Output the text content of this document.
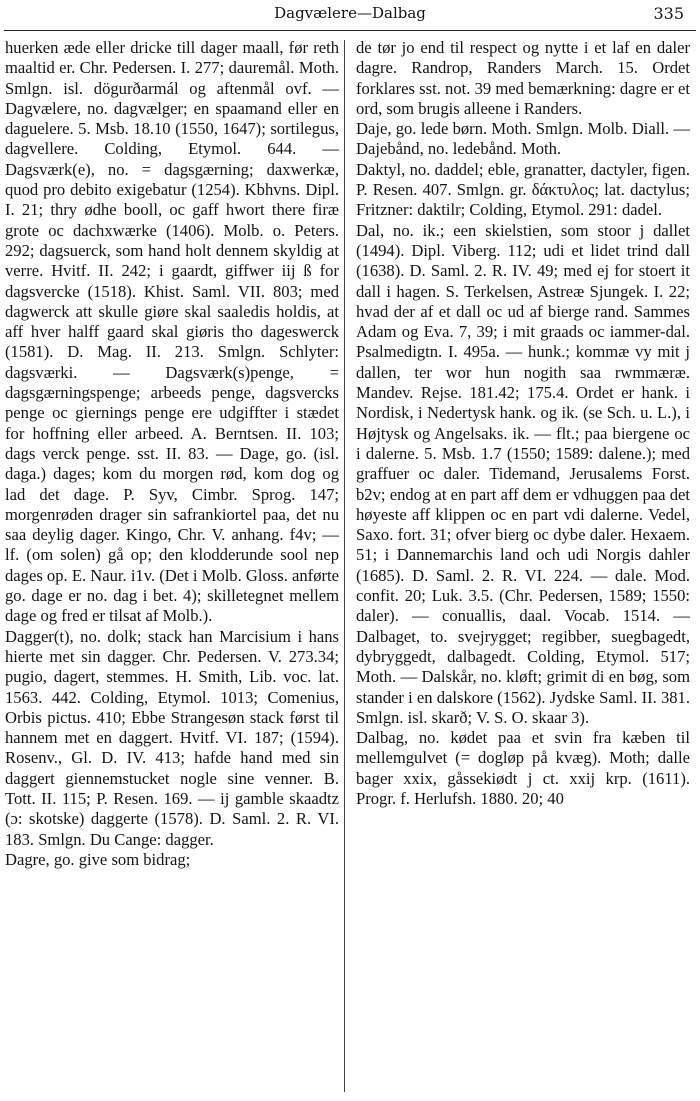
Dagvælere—Dalbag	335

huerken æde eller dricke till dager maall, før reth maaltid er. Chr. Pedersen. I. 277; dauremål. Moth. Smlgn. isl. dögurðarmál og aftenmål ovf. — Dagvælere, no. dagvælger; en spaamand eller en daguelere. 5. Msb. 18.10 (1550, 1647); sortilegus, dagvellere. Colding, Etymol. 644. — Dagsværk(e), no. = dagsgærning; daxwerkæ, quod pro debito exigebatur (1254). Kbhvns. Dipl. I. 21; thry ødhe booll, oc gaff hwort there firæ grote oc dachxwærke (1406). Molb. o. Peters. 292; dagsuerck, som hand holt dennem skyldig at verre. Hvitf. II. 242; i gaardt, giffwer iij ß for dagsvercke (1518). Khist. Saml. VII. 803; med dagwerck att skulle giøre skal saaledis holdis, at aff hver halff gaard skal giøris tho dageswerck (1581). D. Mag. II. 213. Smlgn. Schlyter: dagsværki. — Dagsværk(s)penge, = dagsgærningspenge; arbeeds penge, dagsvercks penge oc giernings penge ere udgiffter i stædet for hoffning eller arbeed. A. Berntsen. II. 103; dags verck penge. sst. II. 83. — Dage, go. (isl. daga.) dages; kom du morgen rød, kom dog og lad det dage. P. Syv, Cimbr. Sprog. 147; morgenrøden drager sin safrankiortel paa, det nu saa deylig dager. Kingo, Chr. V. anhang. f4v; — lf. (om solen) gå op; den klodderunde sool nep dages op. E. Naur. i1v. (Det i Molb. Gloss. anførte go. dage er no. dag i bet. 4); skilletegnet mellem dage og fred er tilsat af Molb.).

Dagger(t), no. dolk; stack han Marcisium i hans hierte met sin dagger. Chr. Pedersen. V. 273.34; pugio, dagert, stemmes. H. Smith, Lib. voc. lat. 1563. 442. Colding, Etymol. 1013; Comenius, Orbis pictus. 410; Ebbe Strangesøn stack først til hannem met en daggert. Hvitf. VI. 187; (1594). Rosenv., Gl. D. IV. 413; hafde hand med sin daggert giennemstucket nogle sine venner. B. Tott. II. 115; P. Resen. 169. — ij gamble skaadtz (ɔ: skotske) daggerte (1578). D. Saml. 2. R. VI. 183. Smlgn. Du Cange: dagger.

Dagre, go. give som bidrag;

de tør jo end til respect og nytte i et laf en daler dagre. Randrop, Randers March. 15. Ordet forklares sst. not. 39 med bemærkning: dagre er et ord, som brugis alleene i Randers.

Daje, go. lede børn. Moth. Smlgn. Molb. Diall. — Dajebånd, no. ledebånd. Moth.

Daktyl, no. daddel; eble, granatter, dactyler, figen. P. Resen. 407. Smlgn. gr. δάκτυλος; lat. dactylus; Fritzner: daktilr; Colding, Etymol. 291: dadel.

Dal, no. ik.; een skielstien, som stoor j dallet (1494). Dipl. Viberg. 112; udi et lidet trind dall (1638). D. Saml. 2. R. IV. 49; med ej for stoert it dall i hagen. S. Terkelsen, Astreæ Sjungek. I. 22; hvad der af et dall oc ud af bierge rand. Sammes Adam og Eva. 7, 39; i mit graads oc iammer-dal. Psalmedigtn. I. 495a. — hunk.; kommæ vy mit j dallen, ter wor hun nogith saa rwmmæræ. Mandev. Rejse. 181.42; 175.4. Ordet er hank. i Nordisk, i Nedertysk hank. og ik. (se Sch. u. L.), i Højtysk og Angelsaks. ik. — flt.; paa biergene oc i dalerne. 5. Msb. 1.7 (1550; 1589: dalene.); med graffuer oc daler. Tidemand, Jerusalems Forst. b2v; endog at en part aff dem er vdhuggen paa det høyeste aff klippen oc en part vdi dalerne. Vedel, Saxo. fort. 31; ofver bierg oc dybe daler. Hexaem. 51; i Dannemarchis land och udi Norgis dahler (1685). D. Saml. 2. R. VI. 224. — dale. Mod. confit. 20; Luk. 3.5. (Chr. Pedersen, 1589; 1550: daler). — conuallis, daal. Vocab. 1514. — Dalbaget, to. svejrygget; regibber, suegbagedt, dybryggedt, dalbagedt. Colding, Etymol. 517; Moth. — Dalskår, no. kløft; grimit di en bøg, som stander i en dalskore (1562). Jydske Saml. II. 381. Smlgn. isl. skarð; V. S. O. skaar 3).

Dalbag, no. kødet paa et svin fra kæben til mellemgulvet (= dogløp på kvæg). Moth; dalle bager xxix, gåssekiødt j ct. xxij krp. (1611). Progr. f. Herlufsh. 1880. 20; 40
